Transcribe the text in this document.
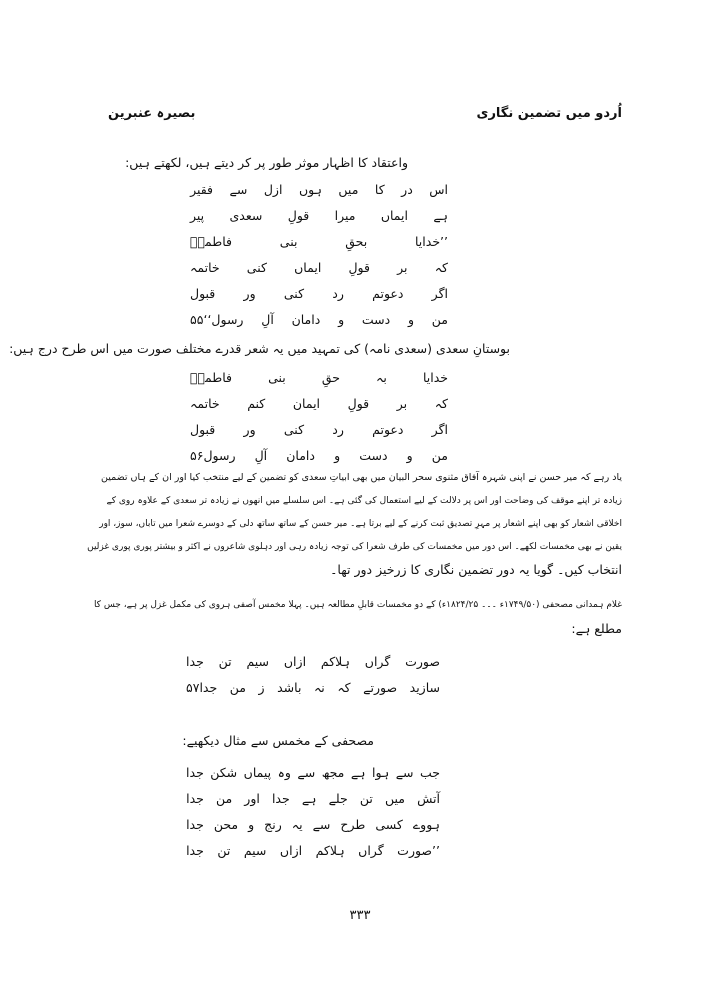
بصیرہ عنبرین	اُردو میں تضمین نگاری
واعتقاد کا اظہار موثر طور پر کر دیتے ہیں، لکھتے ہیں:
اس
در
کا
میں
ہوں
ازل
سے
فقیر
ہے
ایماں
میرا
قولِ
سعدی
پیر
’’خدایا
بحقِ
بنی
فاطمہؑ
کہ
بر
قولِ
ایماں
کنی
خاتمہ
اگر
دعوتم
رد
کنی
ور
قبول
من
و
دست
و
دامان
آلِ
رسول‘‘۵۵
بوستانِ سعدی (سعدی نامہ) کی تمہید میں یہ شعر قدرے مختلف صورت میں اس طرح درج ہیں:
خدایا
بہ
حقِ
بنی
فاطمہؑ
کہ
بر
قولِ
ایمان
کنم
خاتمہ
اگر
دعوتم
رد
کنی
ور
قبول
من
و
دست
و
دامان
آلِ
رسول۵۶
یاد رہے کہ میر حسن نے اپنی شہرہ آفاق مثنوی سحر البیان میں بھی ابیاتِ سعدی کو تضمین کے لیے منتخب کیا اور ان کے ہاں تضمین
زیادہ تر اپنے موقف کی وضاحت اور اس پر دلالت کے لیے استعمال کی گئی ہے۔ اس سلسلے میں انھوں نے زیادہ تر سعدی کے علاوہ روی کے
اخلاقی اشعار کو بھی اپنے اشعار پر مہرِ تصدیق ثبت کرنے کے لیے برتا ہے۔ میر حسن کے ساتھ ساتھ دلی کے دوسرے شعرا میں تاباں، سوز، اور
یقین نے بھی مخمسات لکھے۔ اس دور میں مخمسات کی طرف شعرا کی توجہ زیادہ رہی اور دہلوی شاعروں نے اکثر و بیشتر پوری پوری غزلیں
انتخاب کیں۔ گویا یہ دور تضمین نگاری کا زرخیز دور تھا۔
غلام ہمدانی مصحفی (۱۷۴۹/۵۰ء ۔۔۔ ۱۸۲۴/۲۵ء) کے دو مخمسات قابلِ مطالعہ ہیں۔ پہلا مخمس آصفی ہروی کی مکمل غزل پر ہے، جس کا
مطلع ہے:
صورت
گراں
ہلاکم
ازاں
سیم
تن
جدا
سازید
صورتے
کہ
نہ
باشد
ز
من
جدا۵۷
مصحفی کے مخمس سے مثال دیکھیے:
جب
سے
ہوا
ہے
مجھ
سے
وہ
پیماں
شکن
جدا
آتش
میں
تن
جلے
ہے
جدا
اور
من
جدا
ہووے
کسی
طرح
سے
یہ
رنج
و
محن
جدا
’’صورت
گراں
ہلاکم
ازاں
سیم
تن
جدا
۳۳۳
